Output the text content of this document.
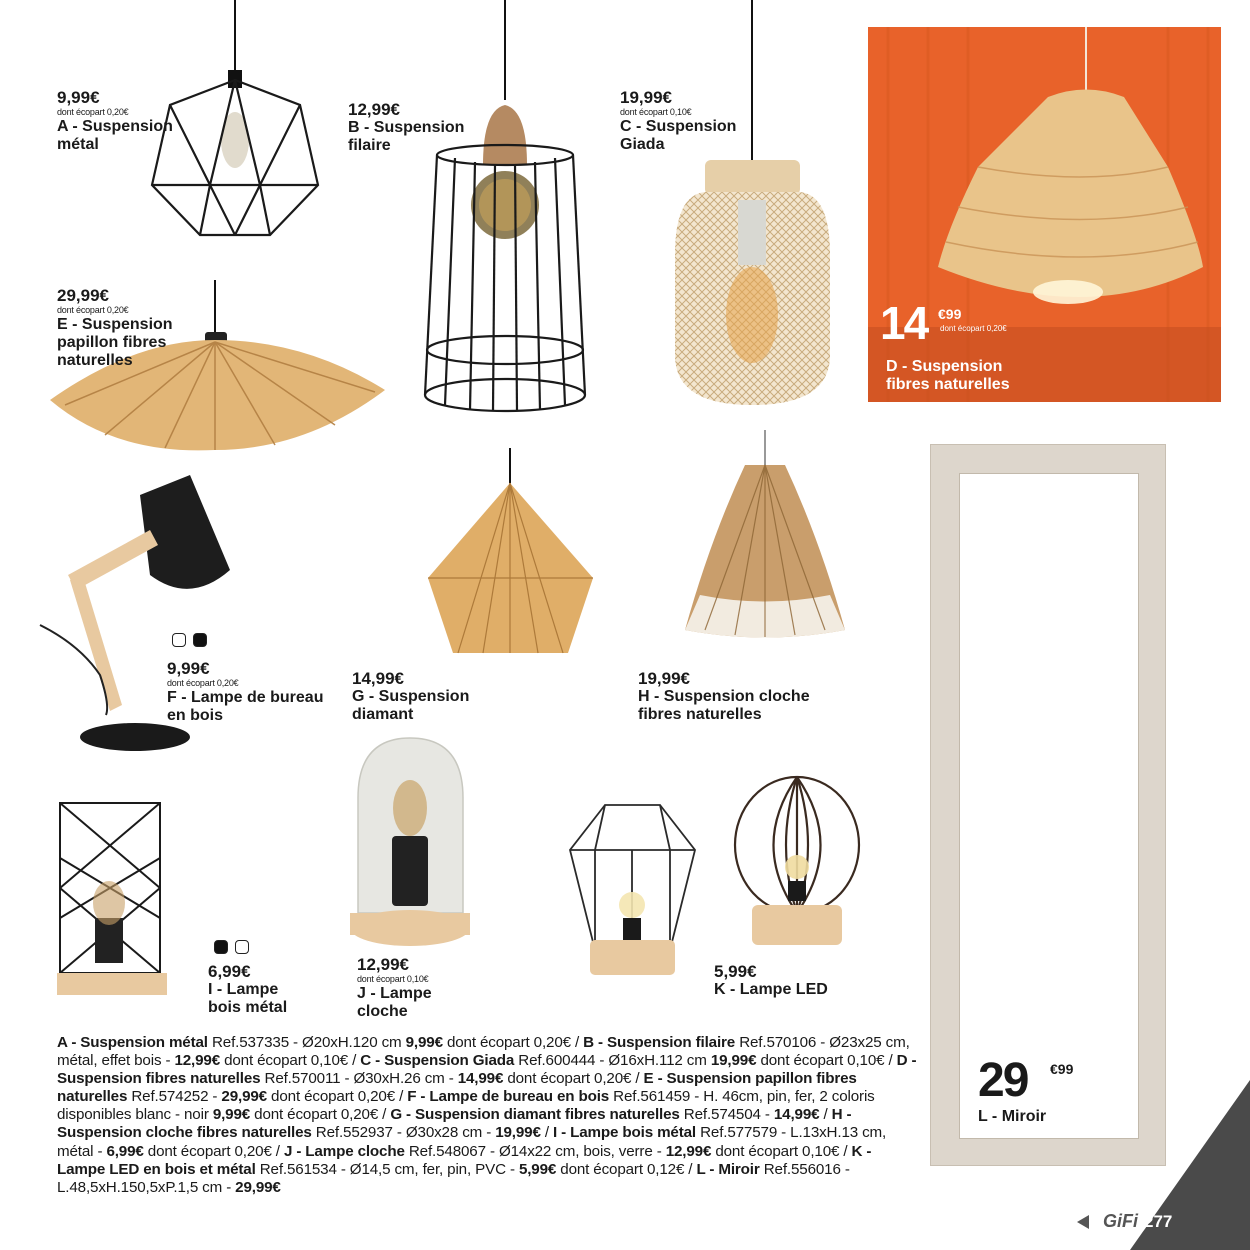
14 €99
dont écopart 0,20€
D - Suspension
fibres naturelles
9,99€
dont écopart 0,20€
A - Suspension
métal
12,99€
B - Suspension
filaire
19,99€
dont écopart 0,10€
C - Suspension
Giada
29,99€
dont écopart 0,20€
E - Suspension
papillon fibres
naturelles
9,99€
dont écopart 0,20€
F - Lampe de bureau
en bois
14,99€
G - Suspension
diamant
19,99€
H - Suspension cloche
fibres naturelles
6,99€
I - Lampe
bois métal
12,99€
dont écopart 0,10€
J - Lampe
cloche
5,99€
K - Lampe LED
29 €99
L - Miroir
A - Suspension métal Ref.537335 - Ø20xH.120 cm 9,99€ dont écopart 0,20€ / B - Suspension filaire Ref.570106 - Ø23x25 cm, métal, effet bois - 12,99€ dont écopart 0,10€ / C - Suspension Giada Ref.600444 - Ø16xH.112 cm 19,99€ dont écopart 0,10€ / D - Suspension fibres naturelles Ref.570011 - Ø30xH.26 cm - 14,99€ dont écopart 0,20€ / E - Suspension papillon fibres naturelles Ref.574252 - 29,99€ dont écopart 0,20€ / F - Lampe de bureau en bois Ref.561459 - H. 46cm, pin, fer, 2 coloris disponibles blanc - noir 9,99€ dont écopart 0,20€ / G - Suspension diamant fibres naturelles Ref.574504 - 14,99€ / H - Suspension cloche fibres naturelles Ref.552937 - Ø30x28 cm - 19,99€ / I - Lampe bois métal Ref.577579 - L.13xH.13 cm, métal - 6,99€ dont écopart 0,20€ / J - Lampe cloche Ref.548067 - Ø14x22 cm, bois, verre - 12,99€ dont écopart 0,10€ / K - Lampe LED en bois et métal Ref.561534 - Ø14,5 cm, fer, pin, PVC - 5,99€ dont écopart 0,12€ / L - Miroir Ref.556016 - L.48,5xH.150,5xP.1,5 cm - 29,99€
GiFi 277
